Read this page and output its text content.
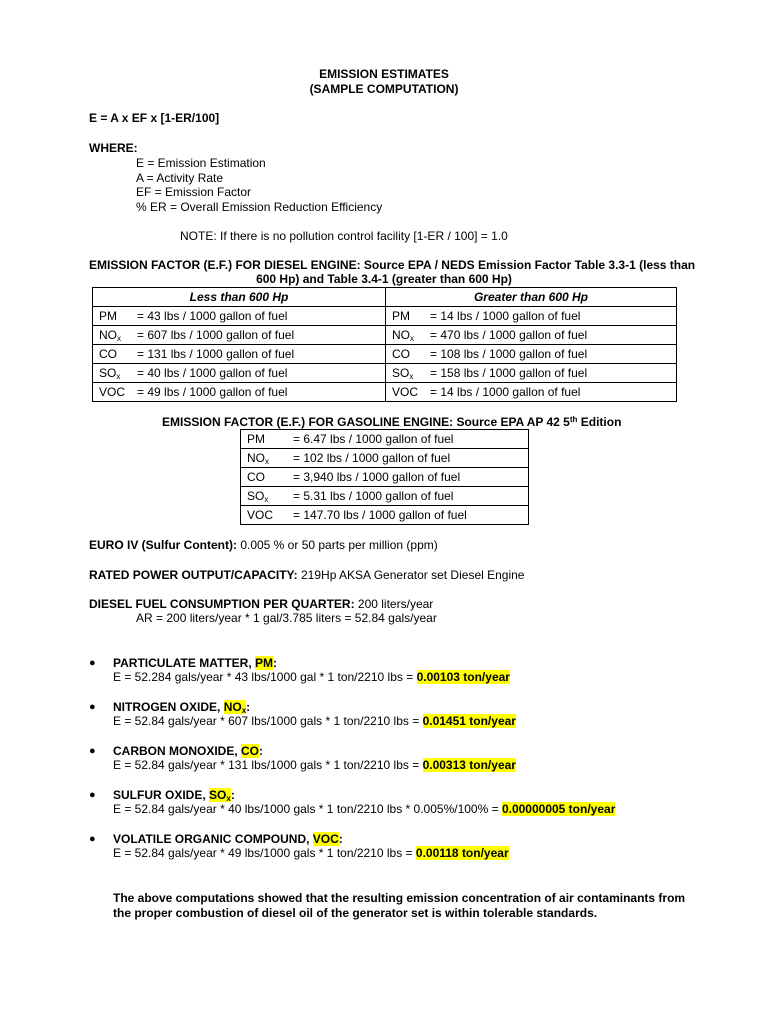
EMISSION ESTIMATES
(SAMPLE COMPUTATION)
E = A x EF x [1-ER/100]
WHERE:
E = Emission Estimation
A = Activity Rate
EF = Emission Factor
% ER = Overall Emission Reduction Efficiency
NOTE: If there is no pollution control facility [1-ER / 100] = 1.0
EMISSION FACTOR (E.F.) FOR DIESEL ENGINE: Source EPA / NEDS Emission Factor Table 3.3-1 (less than
600 Hp) and Table 3.4-1 (greater than 600 Hp)
Less than 600 Hp	Greater than 600 Hp
PM = 43 lbs / 1000 gallon of fuel	PM = 14 lbs / 1000 gallon of fuel
$NO_x = 607$ lbs / 1000 gallon of fuel	$NO_x = 470$ lbs / 1000 gallon of fuel
CO = 131 lbs / 1000 gallon of fuel	CO = 108 lbs / 1000 gallon of fuel
$SO_x = 40$ lbs / 1000 gallon of fuel	$SO_x = 158$ lbs / 1000 gallon of fuel
VOC = 49 lbs / 1000 gallon of fuel	VOC = 14 lbs / 1000 gallon of fuel
EMISSION FACTOR (E.F.) FOR GASOLINE ENGINE: Source EPA AP 42 5th Edition
PM = 6.47 lbs / 1000 gallon of fuel
$NO_x = 102$ lbs / 1000 gallon of fuel
CO = 3,940 lbs / 1000 gallon of fuel
$SO_x = 5.31$ lbs / 1000 gallon of fuel
VOC = 147.70 lbs / 1000 gallon of fuel
EURO IV (Sulfur Content): 0.005 % or 50 parts per million (ppm)
RATED POWER OUTPUT/CAPACITY: 219Hp AKSA Generator set Diesel Engine
DIESEL FUEL CONSUMPTION PER QUARTER: 200 liters/year
AR = 200 liters/year * 1 gal/3.785 liters = 52.84 gals/year
● PARTICULATE MATTER, PM:
E = 52.284 gals/year * 43 lbs/1000 gal * 1 ton/2210 lbs = 0.00103 ton/year
● NITROGEN OXIDE, $NO_x$:
E = 52.84 gals/year * 607 lbs/1000 gals * 1 ton/2210 lbs = 0.01451 ton/year
● CARBON MONOXIDE, CO:
E = 52.84 gals/year * 131 lbs/1000 gals * 1 ton/2210 lbs = 0.00313 ton/year
● SULFUR OXIDE, $SO_x$:
E = 52.84 gals/year * 40 lbs/1000 gals * 1 ton/2210 lbs * 0.005%/100% = 0.00000005 ton/year
● VOLATILE ORGANIC COMPOUND, VOC:
E = 52.84 gals/year * 49 lbs/1000 gals * 1 ton/2210 lbs = 0.00118 ton/year
The above computations showed that the resulting emission concentration of air contaminants from
the proper combustion of diesel oil of the generator set is within tolerable standards.
